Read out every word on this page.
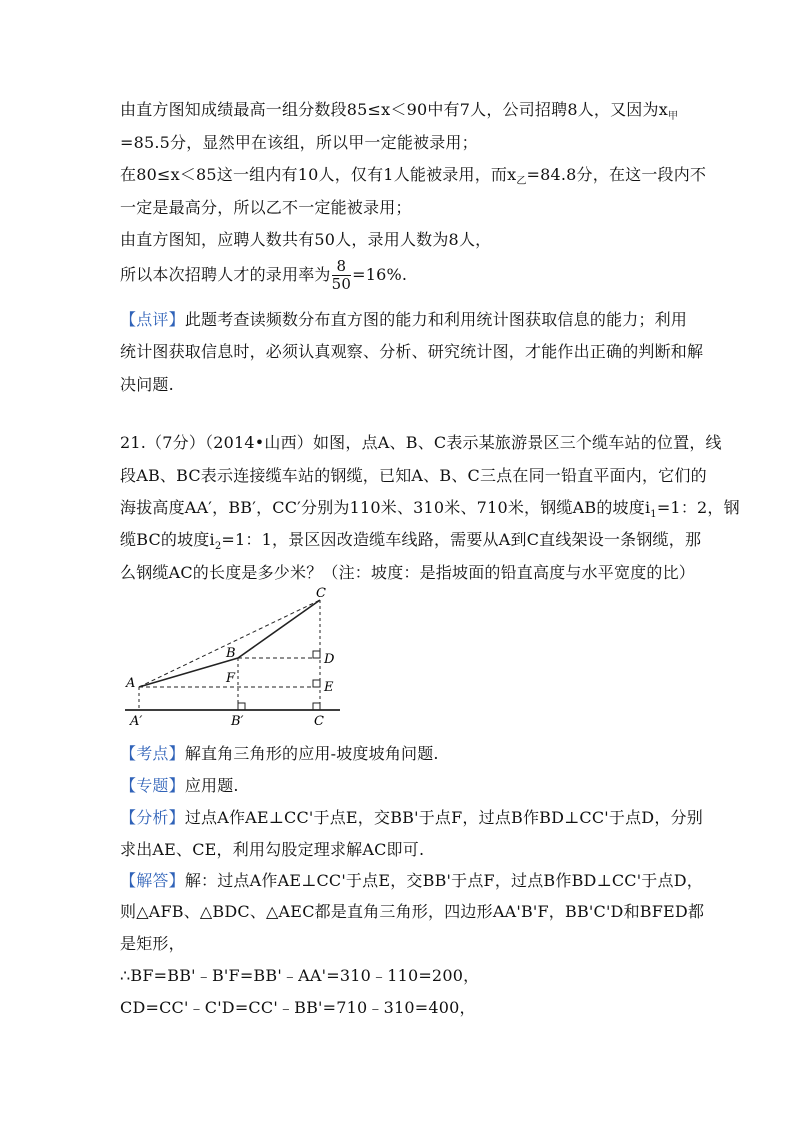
由直方图知成绩最高一组分数段85≤x＜90中有7人，公司招聘8人，又因为$x_甲$
=85.5分，显然甲在该组，所以甲一定能被录用；
在80≤x＜85这一组内有10人，仅有1人能被录用，而$x_乙=84.8$分，在这一段内不
一定是最高分，所以乙不一定能被录用；
由直方图知，应聘人数共有50人，录用人数为8人，
所以本次招聘人才的录用率为 $\frac{8}{50} =16\%$.
【点评】此题考查读频数分布直方图的能力和利用统计图获取信息的能力；利用
统计图获取信息时，必须认真观察、分析、研究统计图，才能作出正确的判断和解
决问题.
21.（7分）（2014•山西）如图，点A、B、C表示某旅游景区三个缆车站的位置，线
段AB、BC表示连接缆车站的钢缆，已知A、B、C三点在同一铅直平面内，它们的
海拔高度AA′，BB′，CC′分别为110米、310米、710米，钢缆AB的坡度$i_1=1$：2，钢
缆BC的坡度$i_2=1$：1，景区因改造缆车线路，需要从A到C直线架设一条钢缆，那
么钢缆AC的长度是多少米？（注：坡度：是指坡面的铅直高度与水平宽度的比）
A
B
C
D
E
F
A′	B′	C
【考点】解直角三角形的应用-坡度坡角问题.
【专题】应用题.
【分析】过点A作AE⊥CC'于点E，交BB'于点F，过点B作BD⊥CC'于点D，分别
求出AE、CE，利用勾股定理求解AC即可.
【解答】解：过点A作AE⊥CC'于点E，交BB'于点F，过点B作BD⊥CC'于点D，
则△AFB、△BDC、△AEC都是直角三角形，四边形AA'B'F，BB'C'D和BFED都
是矩形，
∴BF=BB'﹣B'F=BB'﹣AA'=310﹣110=200，
CD=CC'﹣C'D=CC'﹣BB'=710﹣310=400，
